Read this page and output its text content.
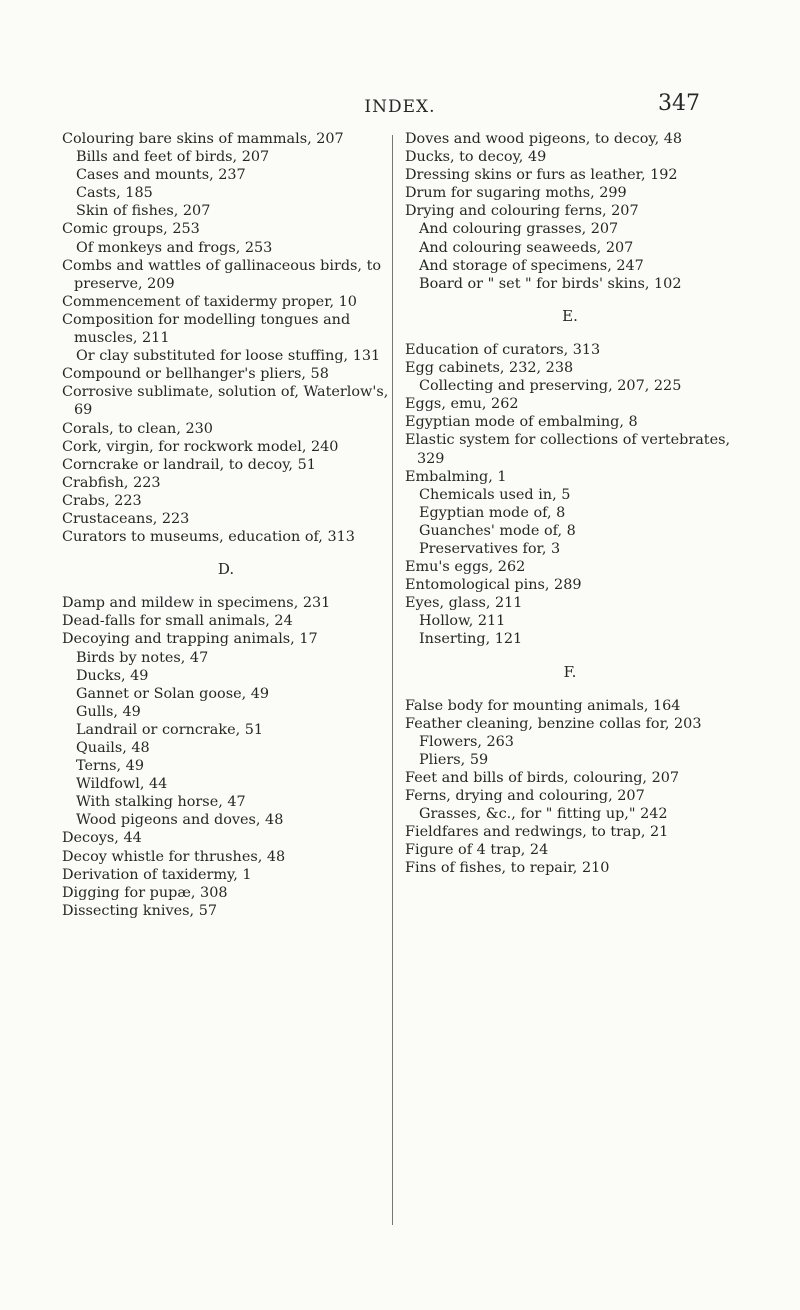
INDEX.	347
Colouring bare skins of mammals, 207
Bills and feet of birds, 207
Cases and mounts, 237
Casts, 185
Skin of fishes, 207
Comic groups, 253
Of monkeys and frogs, 253
Combs and wattles of gallinaceous birds, to preserve, 209
Commencement of taxidermy proper, 10
Composition for modelling tongues and muscles, 211
Or clay substituted for loose stuffing, 131
Compound or bellhanger's pliers, 58
Corrosive sublimate, solution of, Waterlow's, 69
Corals, to clean, 230
Cork, virgin, for rockwork model, 240
Corncrake or landrail, to decoy, 51
Crabfish, 223
Crabs, 223
Crustaceans, 223
Curators to museums, education of, 313
D.
Damp and mildew in specimens, 231
Dead-falls for small animals, 24
Decoying and trapping animals, 17
Birds by notes, 47
Ducks, 49
Gannet or Solan goose, 49
Gulls, 49
Landrail or corncrake, 51
Quails, 48
Terns, 49
Wildfowl, 44
With stalking horse, 47
Wood pigeons and doves, 48
Decoys, 44
Decoy whistle for thrushes, 48
Derivation of taxidermy, 1
Digging for pupæ, 308
Dissecting knives, 57
Doves and wood pigeons, to decoy, 48
Ducks, to decoy, 49
Dressing skins or furs as leather, 192
Drum for sugaring moths, 299
Drying and colouring ferns, 207
And colouring grasses, 207
And colouring seaweeds, 207
And storage of specimens, 247
Board or " set " for birds' skins, 102
E.
Education of curators, 313
Egg cabinets, 232, 238
Collecting and preserving, 207, 225
Eggs, emu, 262
Egyptian mode of embalming, 8
Elastic system for collections of vertebrates, 329
Embalming, 1
Chemicals used in, 5
Egyptian mode of, 8
Guanches' mode of, 8
Preservatives for, 3
Emu's eggs, 262
Entomological pins, 289
Eyes, glass, 211
Hollow, 211
Inserting, 121
F.
False body for mounting animals, 164
Feather cleaning, benzine collas for, 203
Flowers, 263
Pliers, 59
Feet and bills of birds, colouring, 207
Ferns, drying and colouring, 207
Grasses, &c., for " fitting up," 242
Fieldfares and redwings, to trap, 21
Figure of 4 trap, 24
Fins of fishes, to repair, 210
